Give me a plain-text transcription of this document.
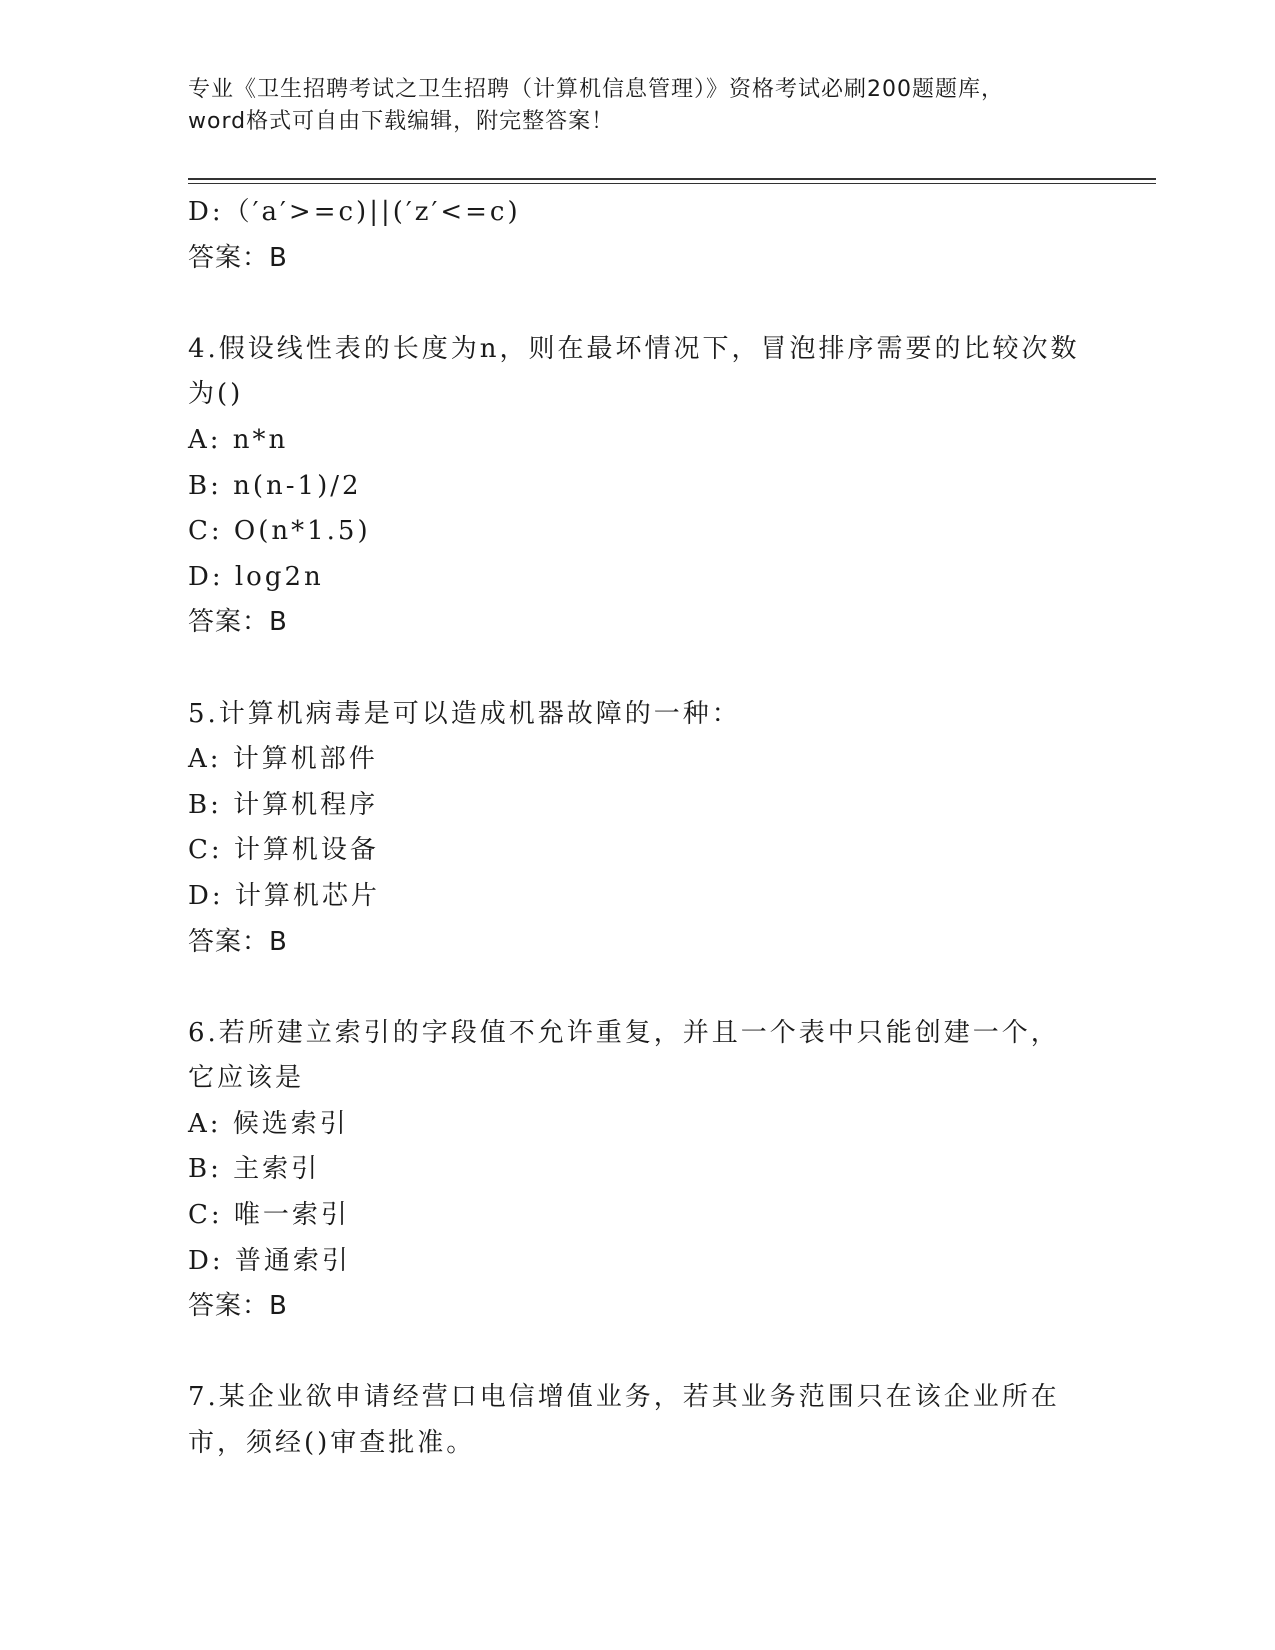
专业《卫生招聘考试之卫生招聘（计算机信息管理）》资格考试必刷200题题库，
word格式可自由下载编辑，附完整答案！
D:（′a′>=c)||(′z′<=c)
答案：B
4.假设线性表的长度为n，则在最坏情况下，冒泡排序需要的比较次数
为()
A: n*n
B: n(n-1)/2
C: O(n*1.5)
D: log2n
答案：B
5.计算机病毒是可以造成机器故障的一种：
A: 计算机部件
B: 计算机程序
C: 计算机设备
D: 计算机芯片
答案：B
6.若所建立索引的字段值不允许重复，并且一个表中只能创建一个，
它应该是
A: 候选索引
B: 主索引
C: 唯一索引
D: 普通索引
答案：B
7.某企业欲申请经营口电信增值业务，若其业务范围只在该企业所在
市，须经()审查批准。
